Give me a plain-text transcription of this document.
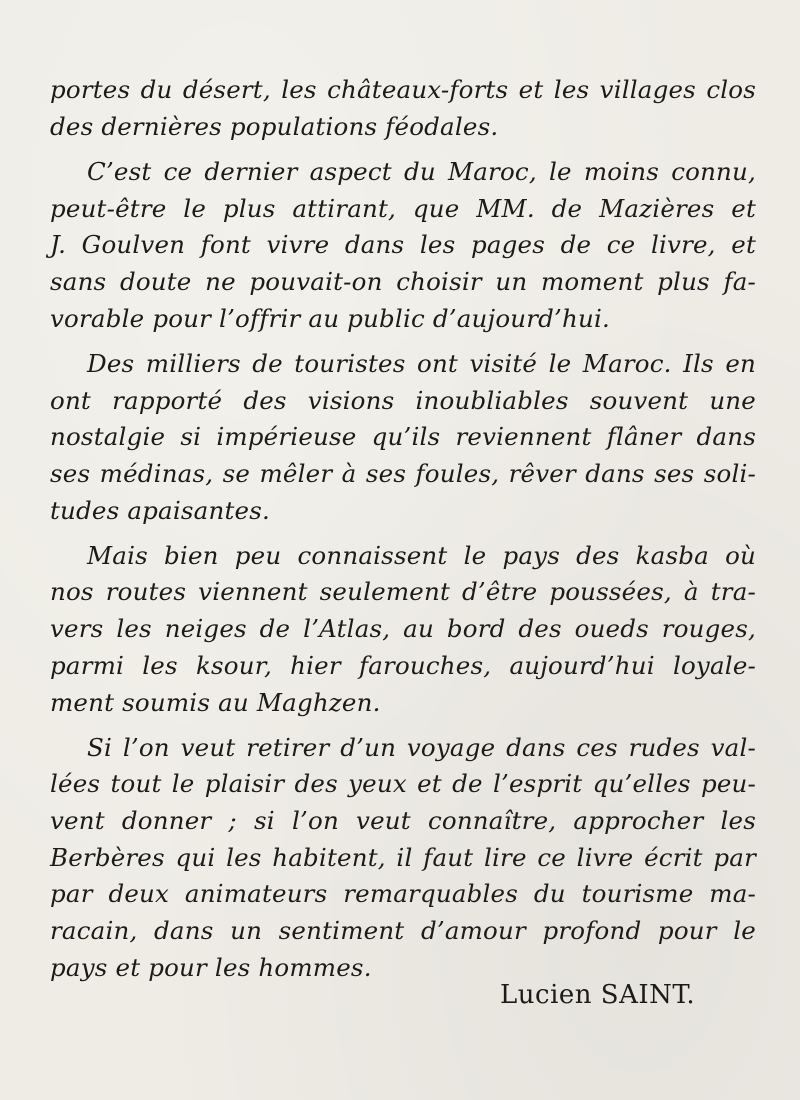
portes du désert, les châteaux-forts et les villages clos
des dernières populations féodales.
C’est ce dernier aspect du Maroc, le moins connu,
peut-être le plus attirant, que MM. de Mazières et
J. Goulven font vivre dans les pages de ce livre, et
sans doute ne pouvait-on choisir un moment plus fa-
vorable pour l’offrir au public d’aujourd’hui.
Des milliers de touristes ont visité le Maroc. Ils en
ont rapporté des visions inoubliables souvent une
nostalgie si impérieuse qu’ils reviennent flâner dans
ses médinas, se mêler à ses foules, rêver dans ses soli-
tudes apaisantes.
Mais bien peu connaissent le pays des kasba où
nos routes viennent seulement d’être poussées, à tra-
vers les neiges de l’Atlas, au bord des oueds rouges,
parmi les ksour, hier farouches, aujourd’hui loyale-
ment soumis au Maghzen.
Si l’on veut retirer d’un voyage dans ces rudes val-
lées tout le plaisir des yeux et de l’esprit qu’elles peu-
vent donner ; si l’on veut connaître, approcher les
Berbères qui les habitent, il faut lire ce livre écrit par
par deux animateurs remarquables du tourisme ma-
racain, dans un sentiment d’amour profond pour le
pays et pour les hommes.
Lucien SAINT.
